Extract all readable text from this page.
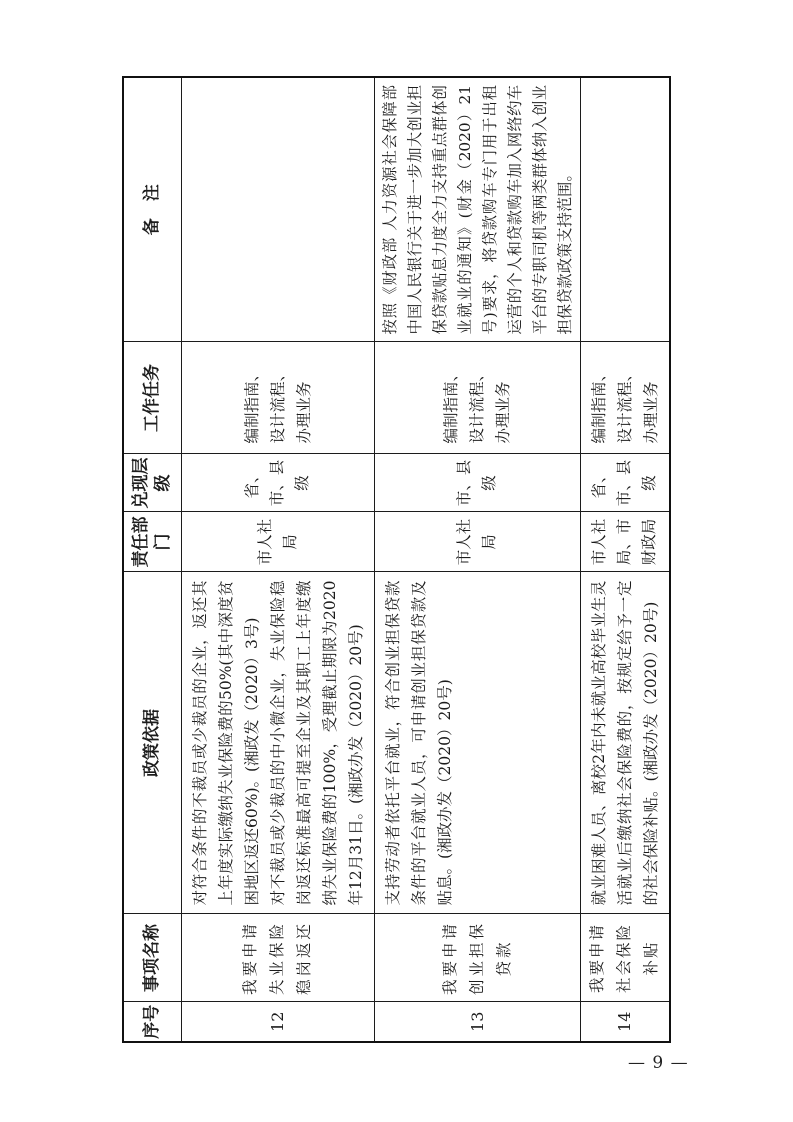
序号	事项名称	政策依据	责任部门	兑现层级	工作任务	备　注
12	我要申请失业保险稳岗返还	对符合条件的不裁员或少裁员的企业，返还其上年度实际缴纳失业保险费的50%(其中深度贫困地区返还60%)。(湘政发（2020）3号) 对不裁员或少裁员的中小微企业，失业保险稳岗返还标准最高可提至企业及其职工上年度缴纳失业保险费的100%，受理截止期限为2020年12月31日。(湘政办发（2020）20号)	市人社局	省、市、县级	编制指南、设计流程、办理业务	
13	我要申请创业担保贷款	支持劳动者依托平台就业，符合创业担保贷款条件的平台就业人员，可申请创业担保贷款及贴息。(湘政办发（2020）20号)	市人社局	市、县级	编制指南、设计流程、办理业务	按照《财政部 人力资源社会保障部 中国人民银行关于进一步加大创业担保贷款贴息力度全力支持重点群体创业就业的通知》(财金（2020）21号)要求，将贷款购车专门用于出租运营的个人和贷款购车加入网络约车平台的专职司机等两类群体纳入创业担保贷款政策支持范围。
14	我要申请社会保险补贴	就业困难人员、离校2年内未就业高校毕业生灵活就业后缴纳社会保险费的，按规定给予一定的社会保险补贴。(湘政办发（2020）20号)	市人社局、市财政局	省、市、县级	编制指南、设计流程、办理业务	
— 9 —
